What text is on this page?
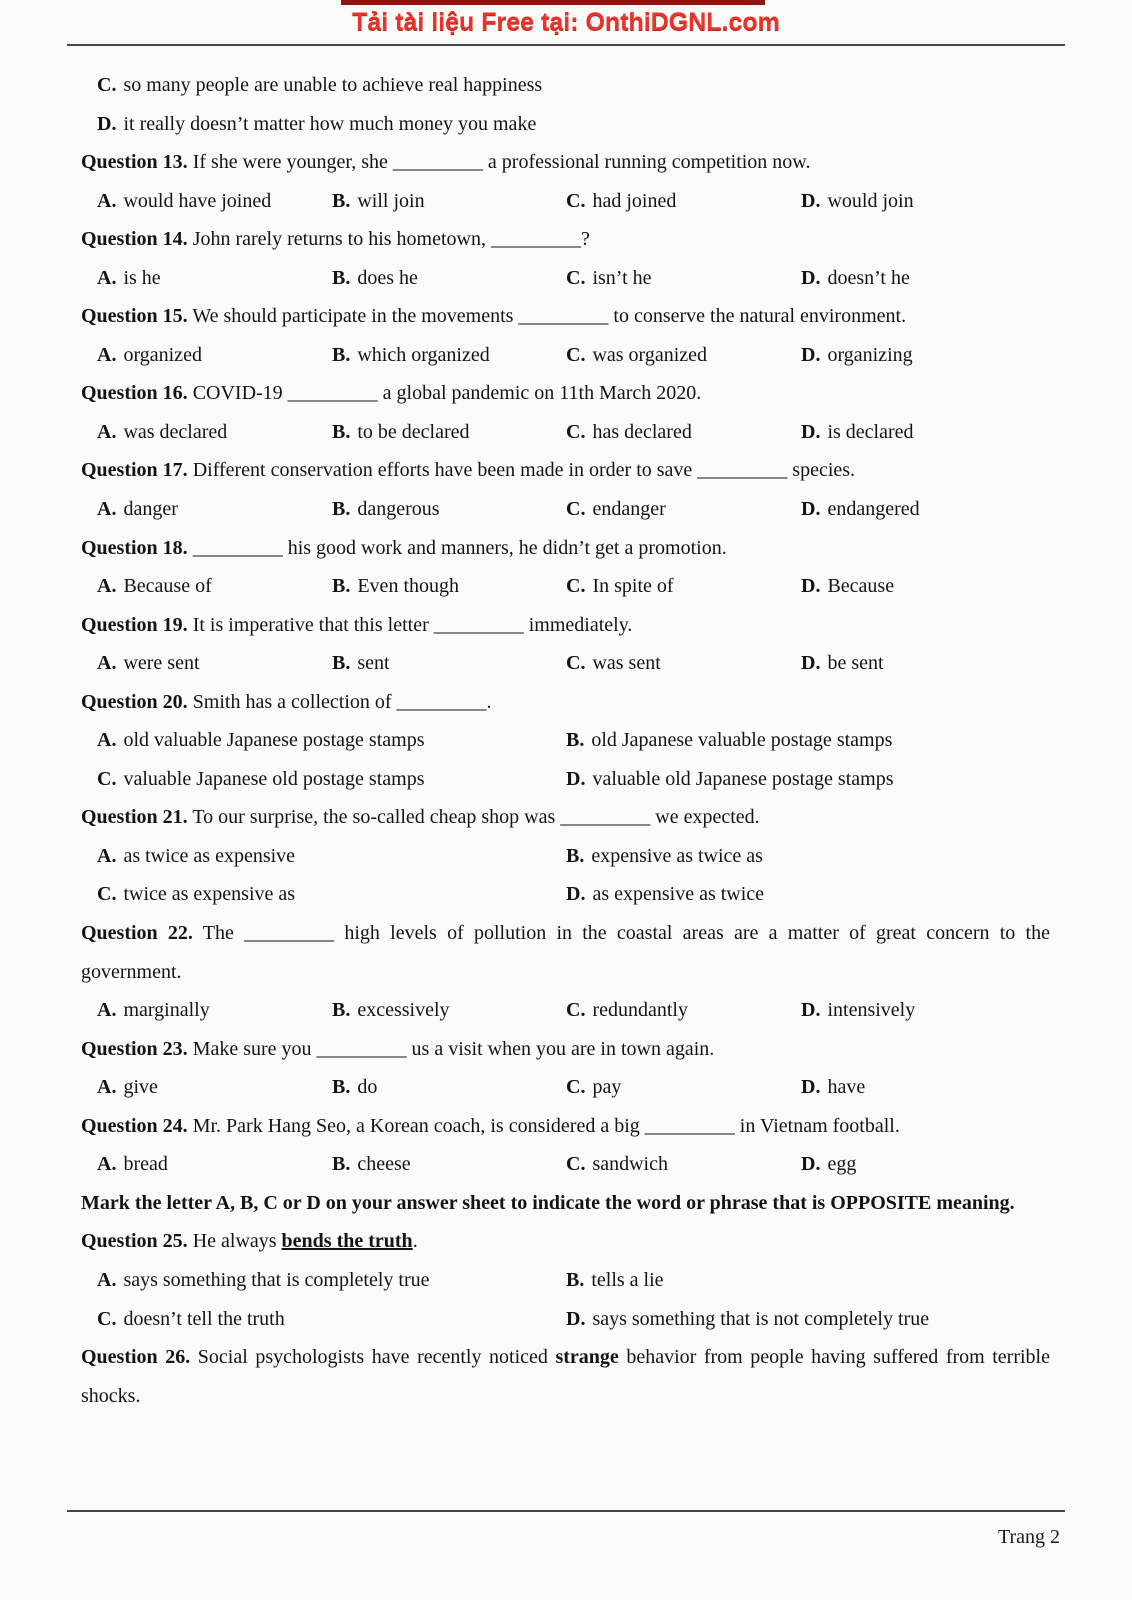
Tải tài liệu Free tại: OnthiDGNL.com
C. so many people are unable to achieve real happiness
D. it really doesn’t matter how much money you make
Question 13. If she were younger, she _________ a professional running competition now.
A. would have joined	B. will join	C. had joined	D. would join
Question 14. John rarely returns to his hometown, _________?
A. is he	B. does he	C. isn’t he	D. doesn’t he
Question 15. We should participate in the movements _________ to conserve the natural environment.
A. organized	B. which organized	C. was organized	D. organizing
Question 16. COVID-19 _________ a global pandemic on 11th March 2020.
A. was declared	B. to be declared	C. has declared	D. is declared
Question 17. Different conservation efforts have been made in order to save _________ species.
A. danger	B. dangerous	C. endanger	D. endangered
Question 18. _________ his good work and manners, he didn’t get a promotion.
A. Because of	B. Even though	C. In spite of	D. Because
Question 19. It is imperative that this letter _________ immediately.
A. were sent	B. sent	C. was sent	D. be sent
Question 20. Smith has a collection of _________.
A. old valuable Japanese postage stamps	B. old Japanese valuable postage stamps
C. valuable Japanese old postage stamps	D. valuable old Japanese postage stamps
Question 21. To our surprise, the so-called cheap shop was _________ we expected.
A. as twice as expensive	B. expensive as twice as
C. twice as expensive as	D. as expensive as twice
Question 22. The _________ high levels of pollution in the coastal areas are a matter of great concern to the government.
A. marginally	B. excessively	C. redundantly	D. intensively
Question 23. Make sure you _________ us a visit when you are in town again.
A. give	B. do	C. pay	D. have
Question 24. Mr. Park Hang Seo, a Korean coach, is considered a big _________ in Vietnam football.
A. bread	B. cheese	C. sandwich	D. egg
Mark the letter A, B, C or D on your answer sheet to indicate the word or phrase that is OPPOSITE meaning.
Question 25. He always bends the truth.
A. says something that is completely true	B. tells a lie
C. doesn’t tell the truth	D. says something that is not completely true
Question 26. Social psychologists have recently noticed strange behavior from people having suffered from terrible shocks.
Trang 2
